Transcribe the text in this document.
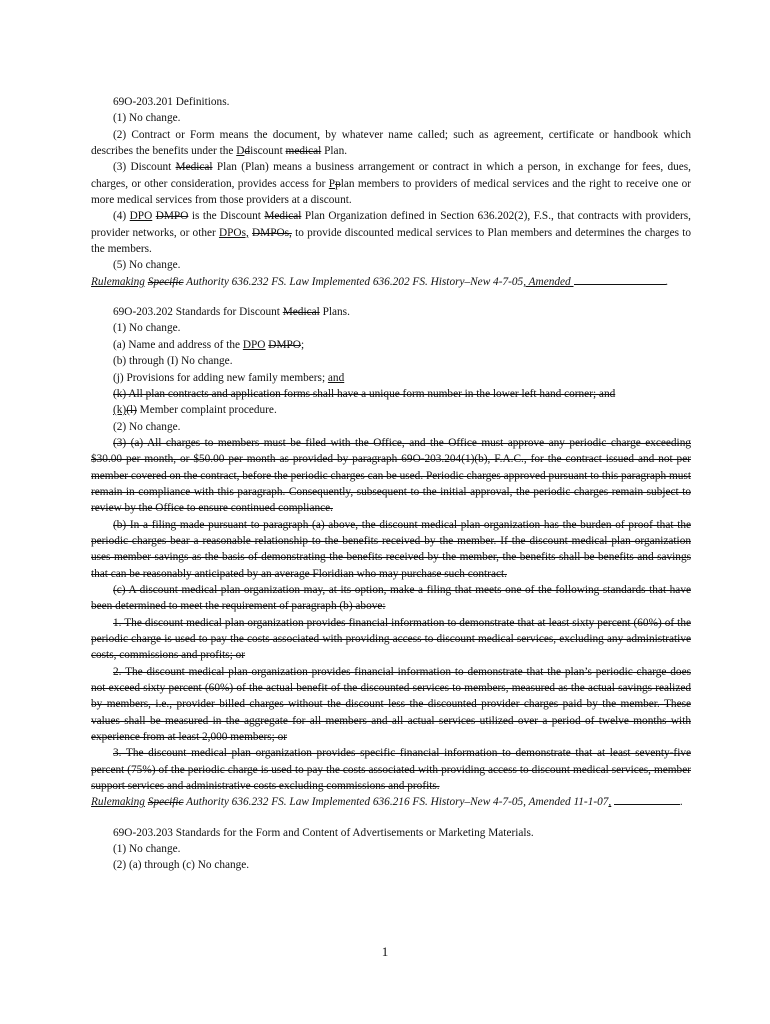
69O-203.201 Definitions.

(1) No change.

(2) Contract or Form means the document, by whatever name called; such as agreement, certificate or handbook which describes the benefits under the Ddiscount medical Plan.

(3) Discount Medical Plan (Plan) means a business arrangement or contract in which a person, in exchange for fees, dues, charges, or other consideration, provides access for Pplan members to providers of medical services and the right to receive one or more medical services from those providers at a discount.

(4) DPO DMPO is the Discount Medical Plan Organization defined in Section 636.202(2), F.S., that contracts with providers, provider networks, or other DPOs, DMPOs, to provide discounted medical services to Plan members and determines the charges to the members.

(5) No change.

Rulemaking Specific Authority 636.232 FS. Law Implemented 636.202 FS. History–New 4-7-05, Amended	.

69O-203.202 Standards for Discount Medical Plans.

(1) No change.

(a) Name and address of the DPO DMPO;

(b) through (I) No change.

(j) Provisions for adding new family members; and

(k) All plan contracts and application forms shall have a unique form number in the lower left hand corner; and

(k)(l) Member complaint procedure.

(2) No change.

(3) (a) All charges to members must be filed with the Office, and the Office must approve any periodic charge exceeding $30.00 per month, or $50.00 per month as provided by paragraph 69O-203.204(1)(b), F.A.C., for the contract issued and not per member covered on the contract, before the periodic charges can be used. Periodic charges approved pursuant to this paragraph must remain in compliance with this paragraph. Consequently, subsequent to the initial approval, the periodic charges remain subject to review by the Office to ensure continued compliance.

(b) In a filing made pursuant to paragraph (a) above, the discount medical plan organization has the burden of proof that the periodic charges bear a reasonable relationship to the benefits received by the member. If the discount medical plan organization uses member savings as the basis of demonstrating the benefits received by the member, the benefits shall be benefits and savings that can be reasonably anticipated by an average Floridian who may purchase such contract.

(c) A discount medical plan organization may, at its option, make a filing that meets one of the following standards that have been determined to meet the requirement of paragraph (b) above:

1. The discount medical plan organization provides financial information to demonstrate that at least sixty percent (60%) of the periodic charge is used to pay the costs associated with providing access to discount medical services, excluding any administrative costs, commissions and profits; or

2. The discount medical plan organization provides financial information to demonstrate that the plan’s periodic charge does not exceed sixty percent (60%) of the actual benefit of the discounted services to members, measured as the actual savings realized by members, i.e., provider billed charges without the discount less the discounted provider charges paid by the member. These values shall be measured in the aggregate for all members and all actual services utilized over a period of twelve months with experience from at least 2,000 members; or

3. The discount medical plan organization provides specific financial information to demonstrate that at least seventy-five percent (75%) of the periodic charge is used to pay the costs associated with providing access to discount medical services, member support services and administrative costs excluding commissions and profits.

Rulemaking Specific Authority 636.232 FS. Law Implemented 636.216 FS. History–New 4-7-05, Amended 11-1-07,	.

69O-203.203 Standards for the Form and Content of Advertisements or Marketing Materials.

(1) No change.

(2) (a) through (c) No change.

1
